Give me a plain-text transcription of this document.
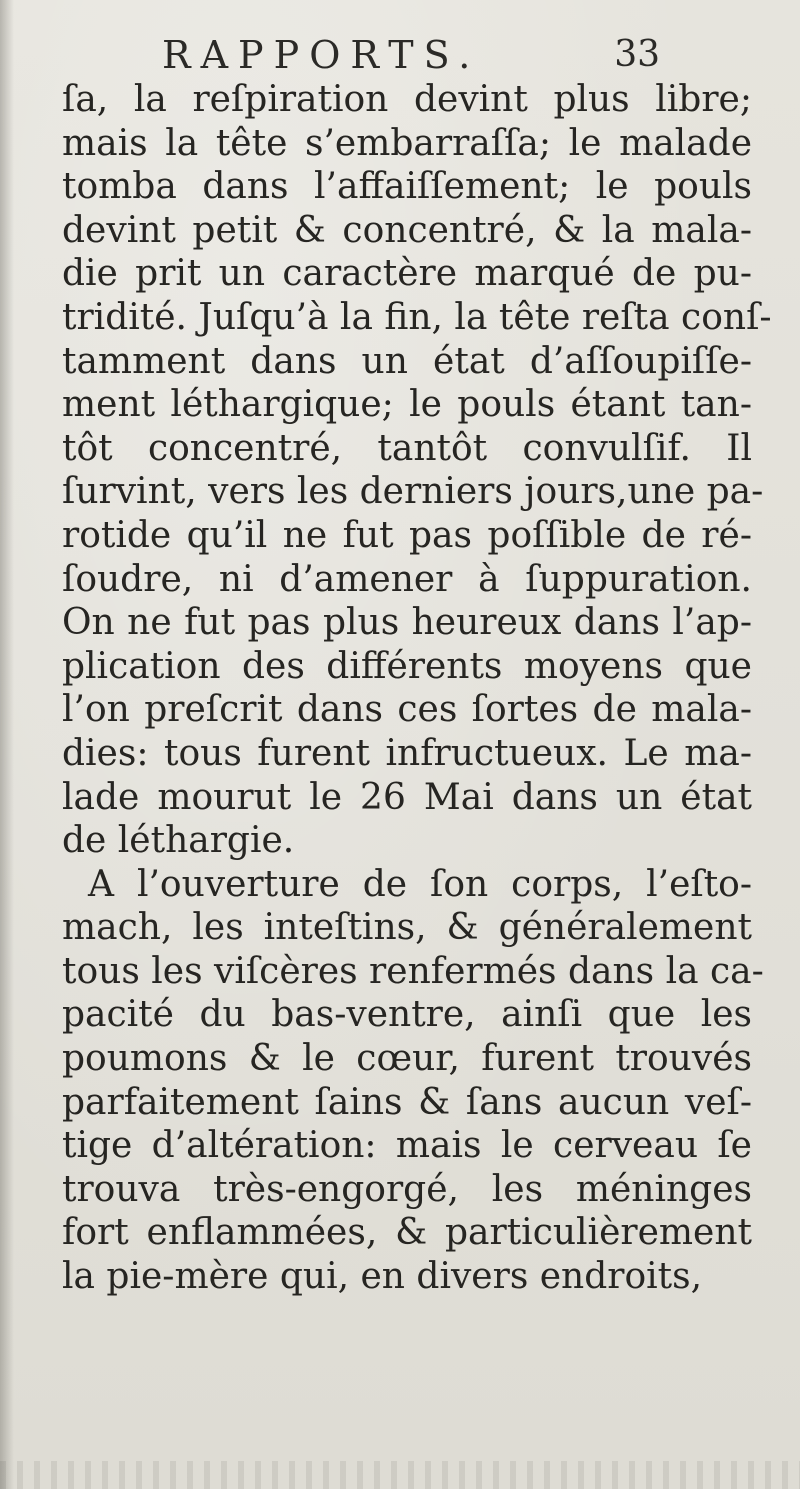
RAPPORTS.	33
ſa, la reſpiration devint plus libre;
mais la tête s’embarraſſa; le malade
tomba dans l’affaiſſement; le pouls
devint petit & concentré, & la mala-
die prit un caractère marqué de pu-
tridité. Juſqu’à la fin, la tête reſta conſ-
tamment dans un état d’aſſoupiſſe-
ment léthargique; le pouls étant tan-
tôt concentré, tantôt convulſif. Il
ſurvint, vers les derniers jours,une pa-
rotide qu’il ne fut pas poſſible de ré-
ſoudre, ni d’amener à ſuppuration.
On ne fut pas plus heureux dans l’ap-
plication des différents moyens que
l’on preſcrit dans ces ſortes de mala-
dies: tous furent infructueux. Le ma-
lade mourut le 26 Mai dans un état
de léthargie.
A l’ouverture de ſon corps, l’eſto-
mach, les inteſtins, & généralement
tous les viſcères renfermés dans la ca-
pacité du bas-ventre, ainſi que les
poumons & le cœur, furent trouvés
parfaitement ſains & ſans aucun veſ-
tige d’altération: mais le cerveau ſe
trouva très-engorgé, les méninges
fort enflammées, & particulièrement
la pie-mère qui, en divers endroits,
